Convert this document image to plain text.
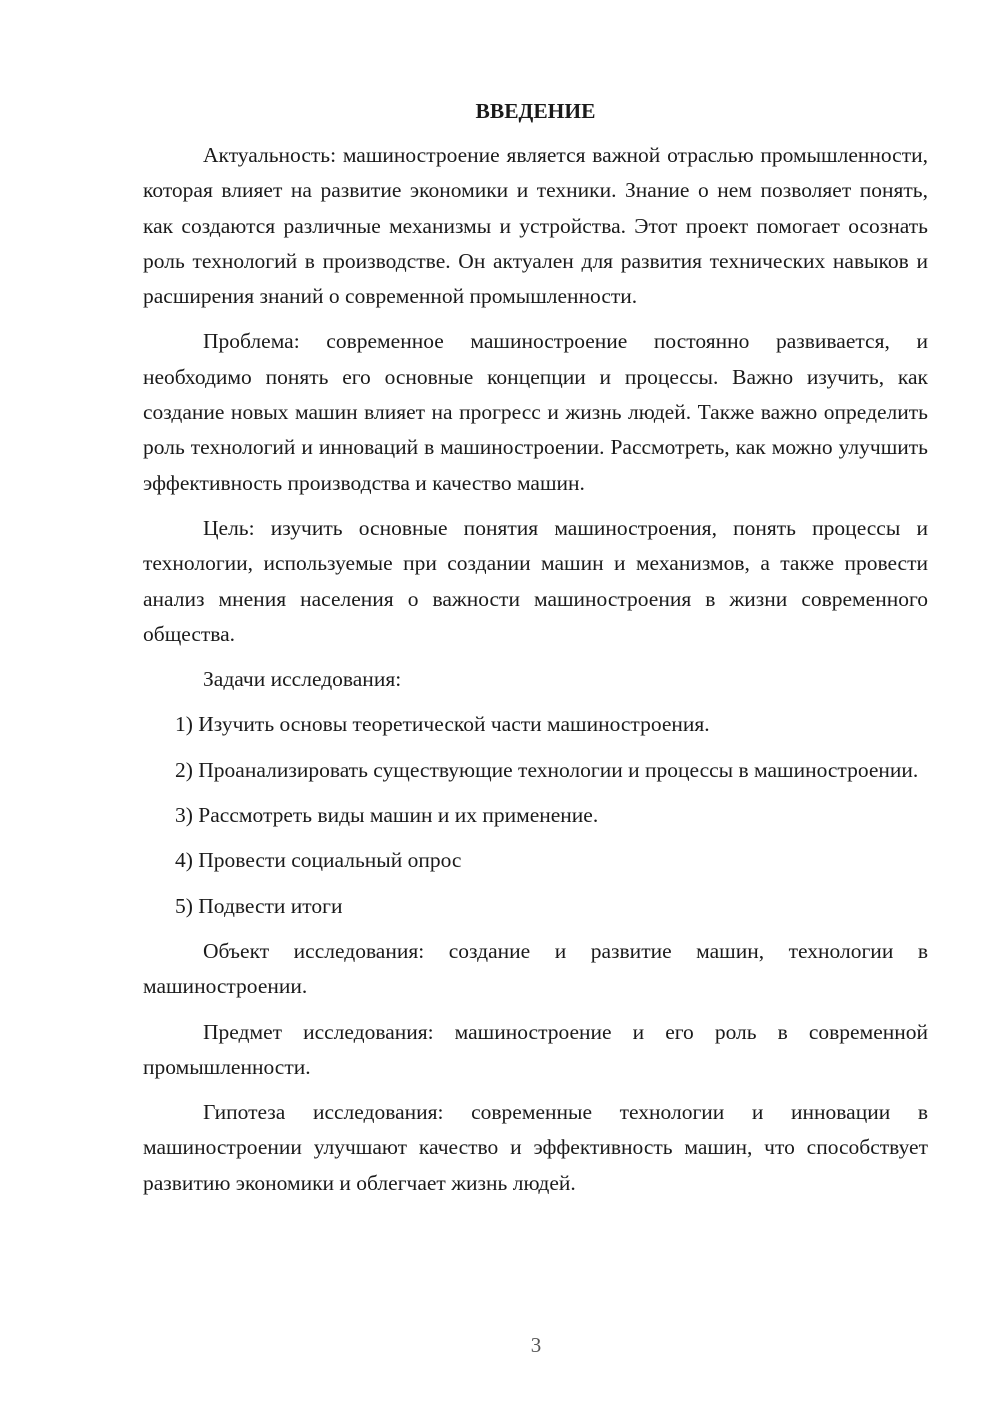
ВВЕДЕНИЕ

Актуальность: машиностроение является важной отраслью промышленности, которая влияет на развитие экономики и техники. Знание о нем позволяет понять, как создаются различные механизмы и устройства. Этот проект помогает осознать роль технологий в производстве. Он актуален для развития технических навыков и расширения знаний о современной промышленности.

Проблема: современное машиностроение постоянно развивается, и необходимо понять его основные концепции и процессы. Важно изучить, как создание новых машин влияет на прогресс и жизнь людей. Также важно определить роль технологий и инноваций в машиностроении. Рассмотреть, как можно улучшить эффективность производства и качество машин.

Цель: изучить основные понятия машиностроения, понять процессы и технологии, используемые при создании машин и механизмов, а также провести анализ мнения населения о важности машиностроения в жизни современного общества.

Задачи исследования:

1) Изучить основы теоретической части машиностроения.

2) Проанализировать существующие технологии и процессы в машиностроении.

3) Рассмотреть виды машин и их применение.

4) Провести социальный опрос

5) Подвести итоги

Объект исследования: создание и развитие машин, технологии в машиностроении.

Предмет исследования: машиностроение и его роль в современной промышленности.

Гипотеза исследования: современные технологии и инновации в машиностроении улучшают качество и эффективность машин, что способствует развитию экономики и облегчает жизнь людей.

3
